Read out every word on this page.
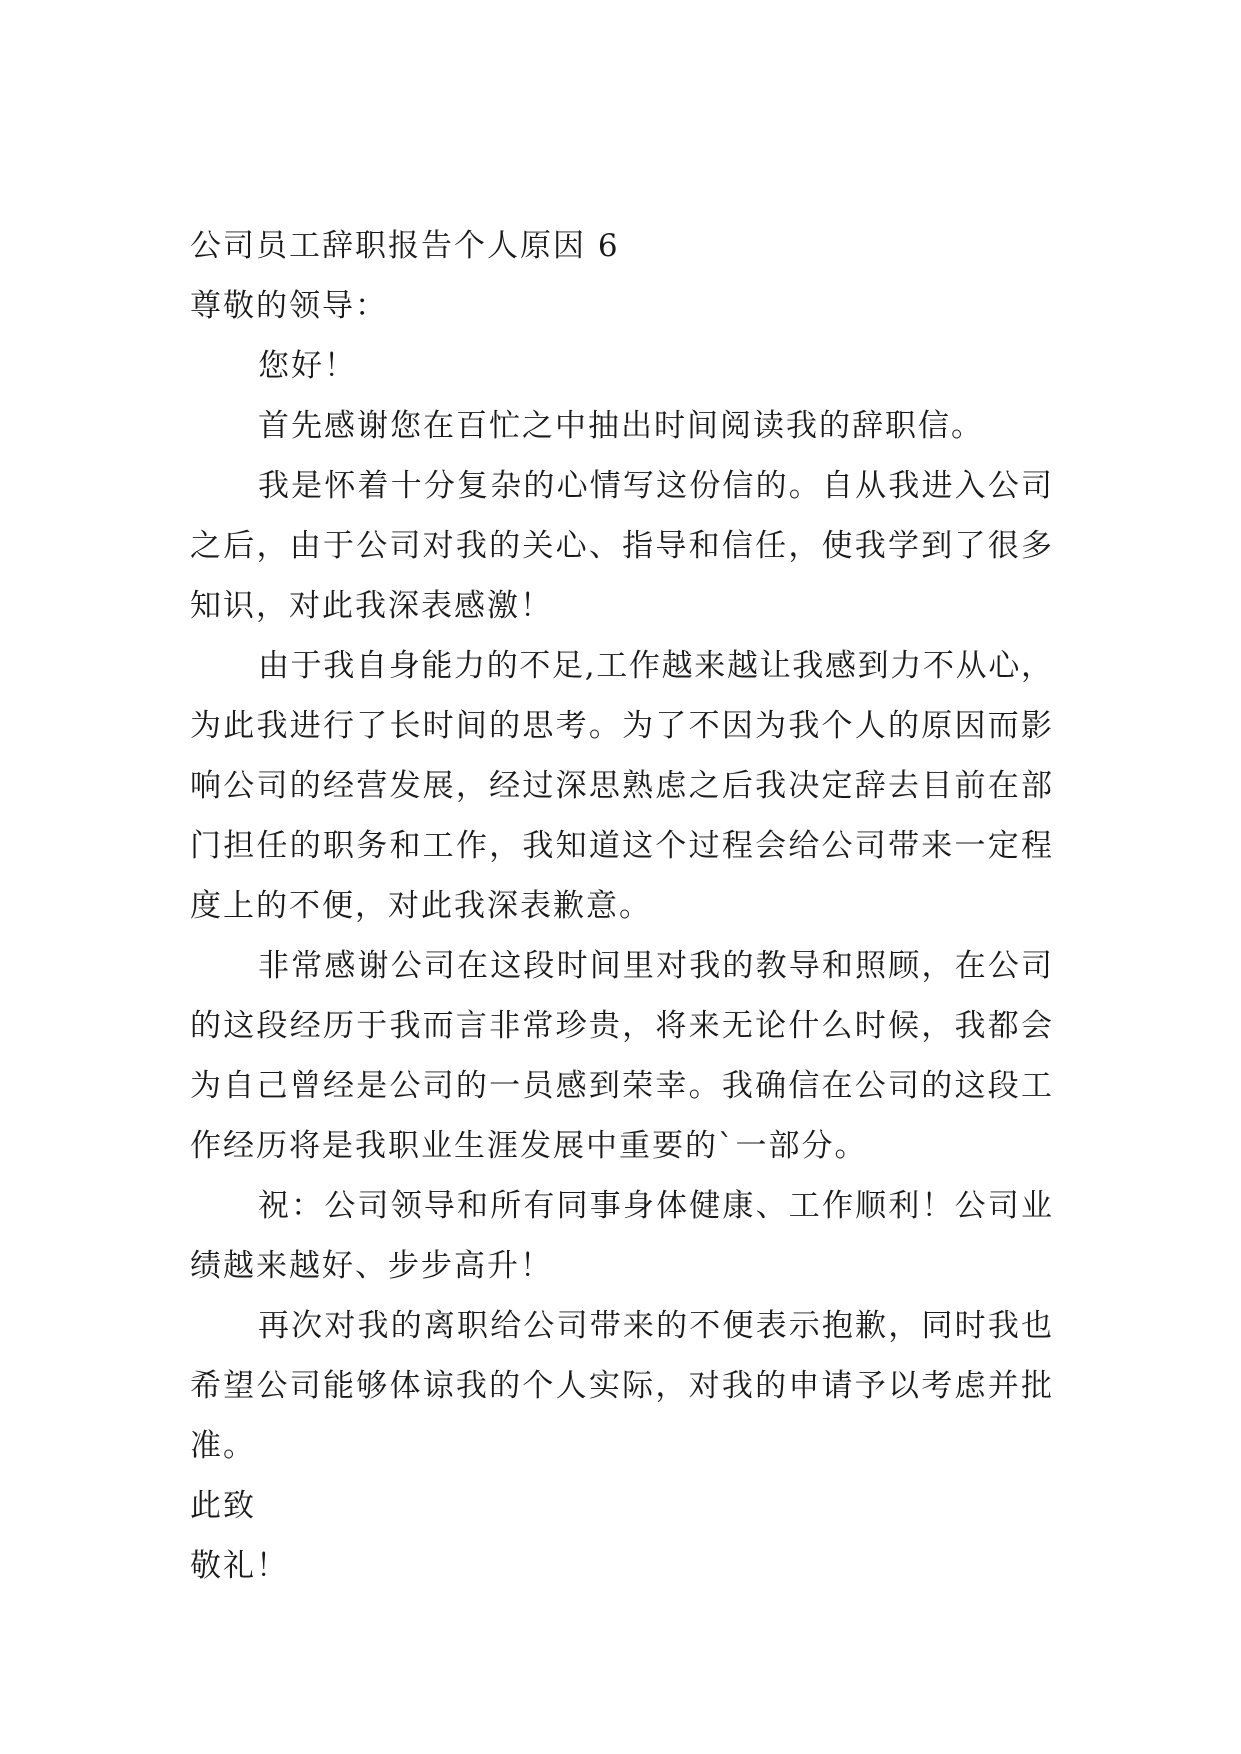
公司员工辞职报告个人原因 6
尊敬的领导：
您好！
首先感谢您在百忙之中抽出时间阅读我的辞职信。
我是怀着十分复杂的心情写这份信的。自从我进入公司
之后，由于公司对我的关心、指导和信任，使我学到了很多
知识，对此我深表感激！
由于我自身能力的不足,工作越来越让我感到力不从心，
为此我进行了长时间的思考。为了不因为我个人的原因而影
响公司的经营发展，经过深思熟虑之后我决定辞去目前在部
门担任的职务和工作，我知道这个过程会给公司带来一定程
度上的不便，对此我深表歉意。
非常感谢公司在这段时间里对我的教导和照顾，在公司
的这段经历于我而言非常珍贵，将来无论什么时候，我都会
为自己曾经是公司的一员感到荣幸。我确信在公司的这段工
作经历将是我职业生涯发展中重要的`一部分。
祝：公司领导和所有同事身体健康、工作顺利！公司业
绩越来越好、步步高升！
再次对我的离职给公司带来的不便表示抱歉，同时我也
希望公司能够体谅我的个人实际，对我的申请予以考虑并批
准。
此致
敬礼！
